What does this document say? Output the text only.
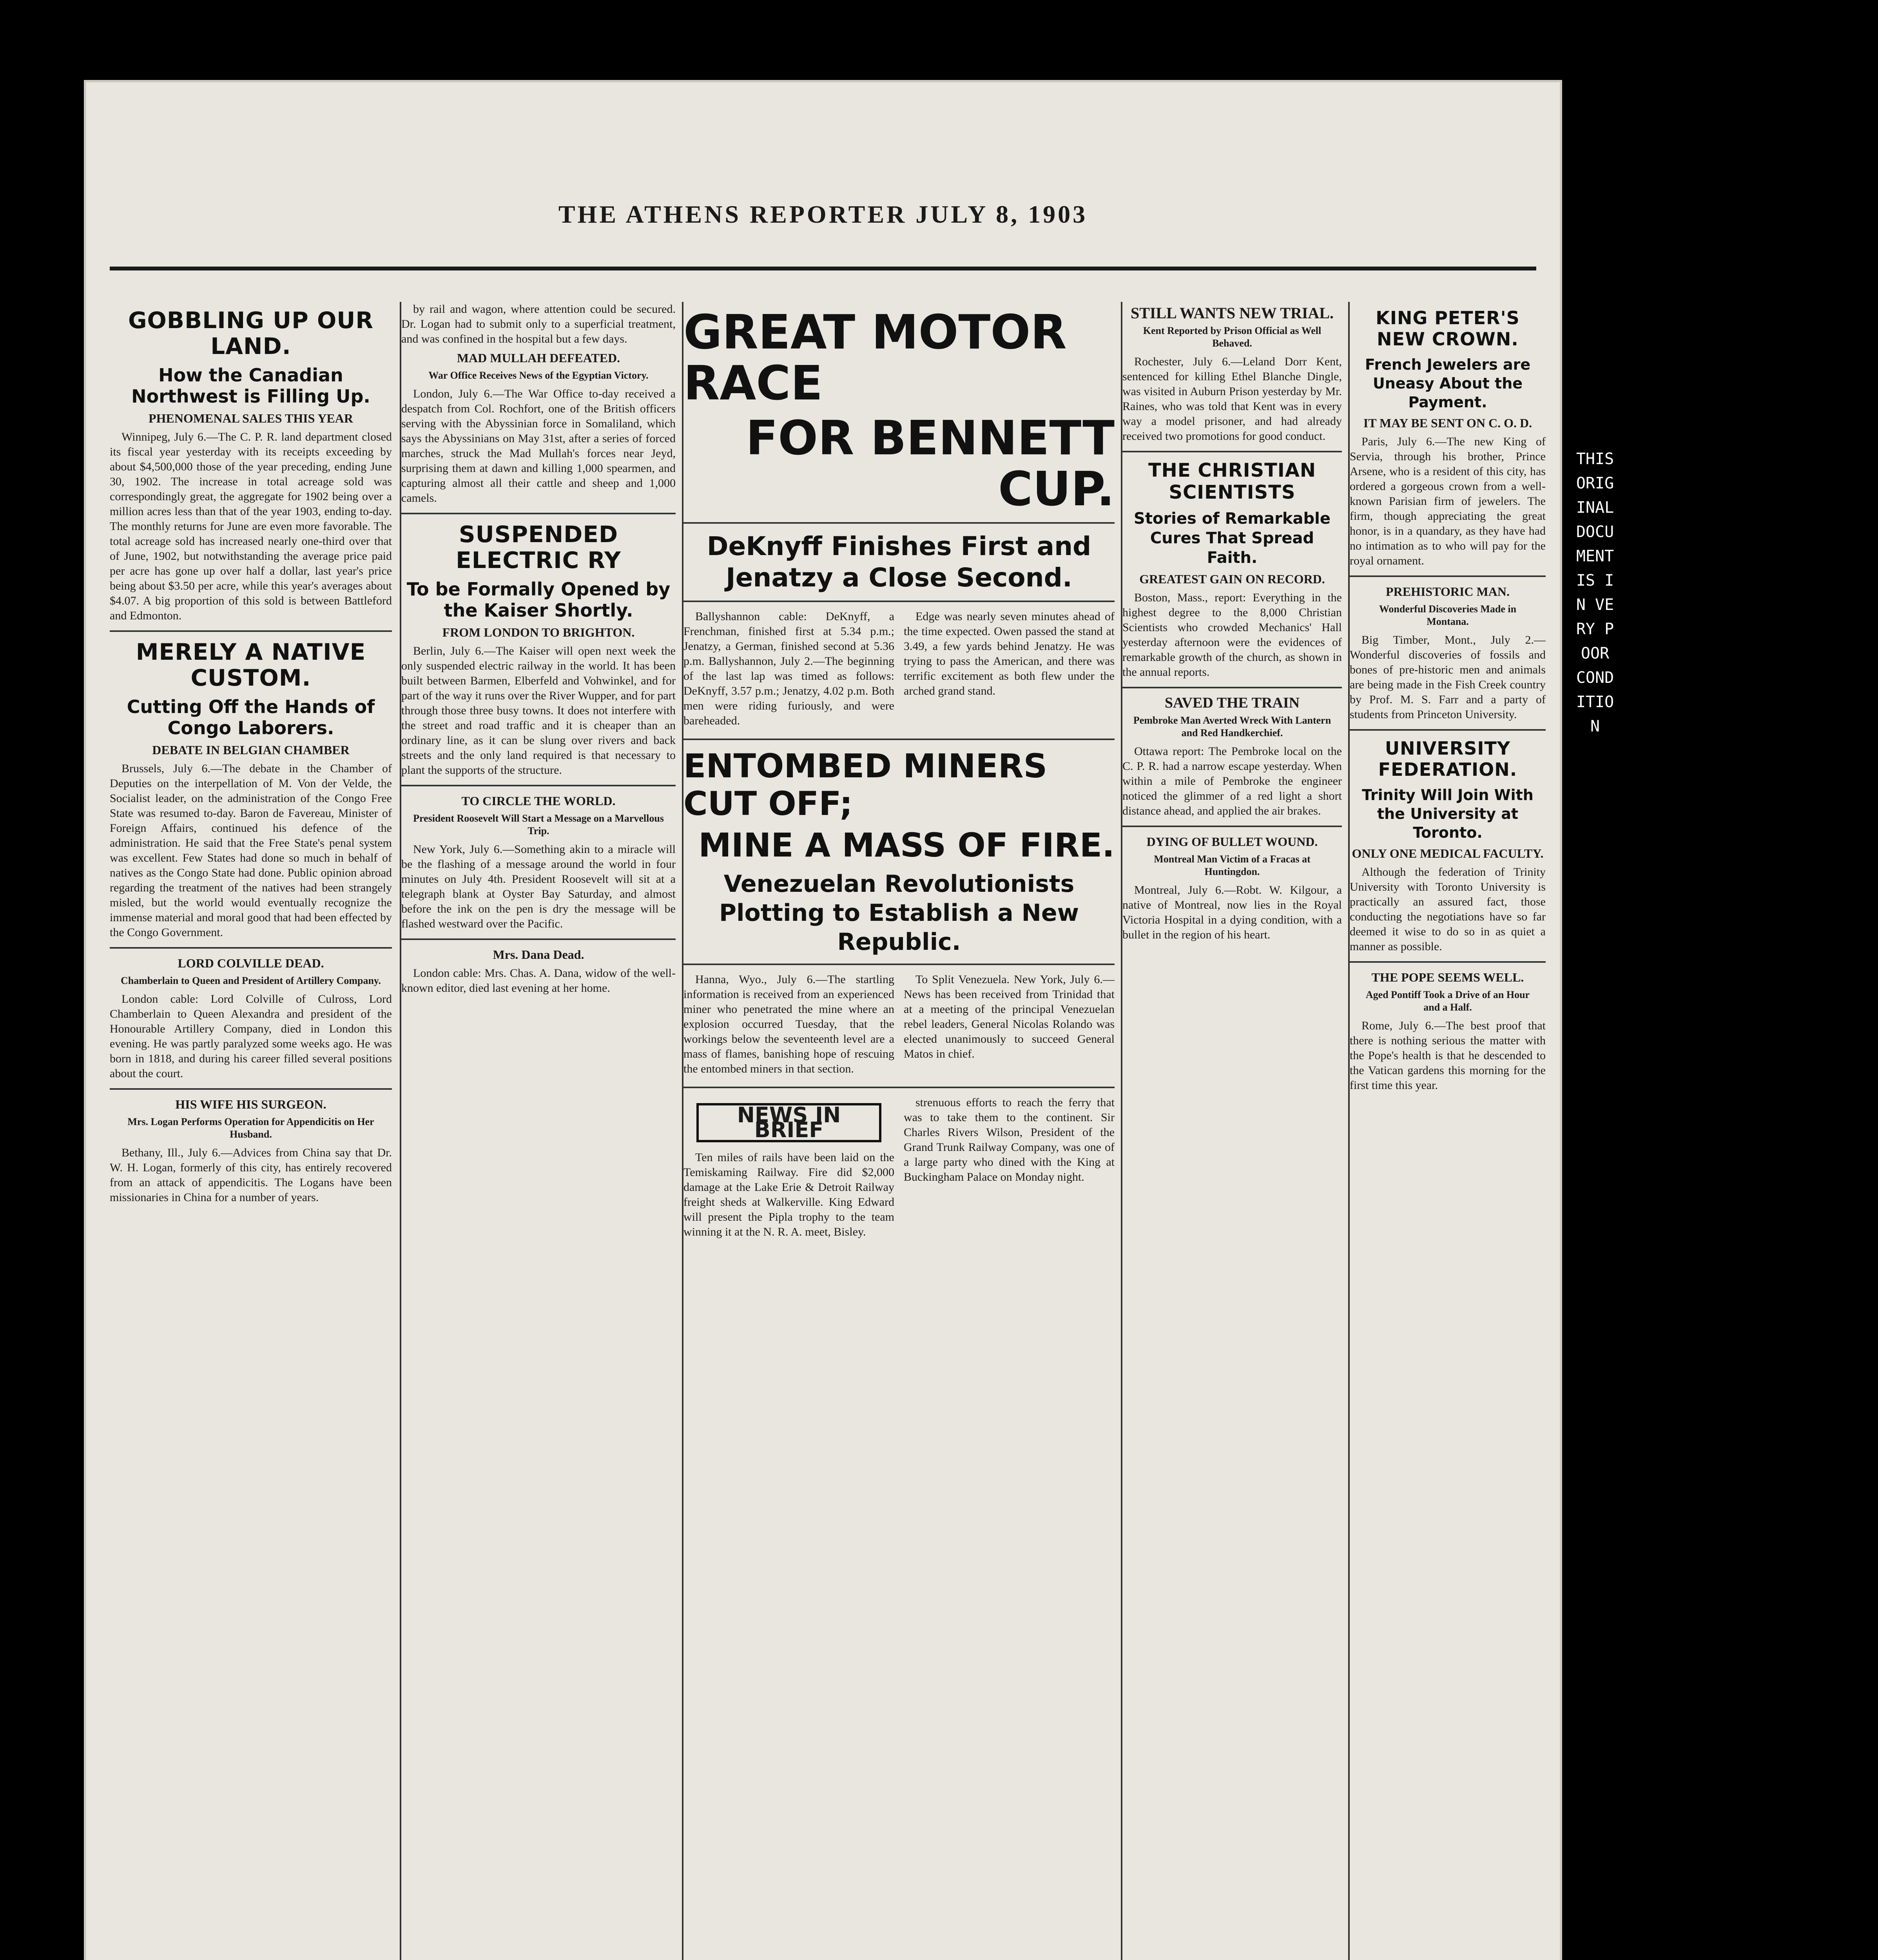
THE ATHENS REPORTER JULY 8, 1903
GOBBLING UP OUR LAND.
How the Canadian Northwest is Filling Up.
PHENOMENAL SALES THIS YEAR

Winnipeg, July 6.—The C. P. R. land department closed its fiscal year yesterday with its receipts exceeding by about $4,500,000 those of the year preceding, ending June 30, 1902. The increase in total acreage sold was correspondingly great, the aggregate for 1902 being over a million acres less than that of the year 1903, ending to-day. The monthly returns for June are even more favorable. The total acreage sold has increased nearly one-third over that of June, 1902, but notwithstanding the average price paid per acre has gone up over half a dollar, last year's price being about $3.50 per acre, while this year's averages about $4.07. A big proportion of this sold is between Battleford and Edmonton.

MERELY A NATIVE CUSTOM.
Cutting Off the Hands of Congo Laborers.
DEBATE IN BELGIAN CHAMBER

Brussels, July 6.—The debate in the Chamber of Deputies on the interpellation of M. Von der Velde, the Socialist leader, on the administration of the Congo Free State was resumed to-day. Baron de Favereau, Minister of Foreign Affairs, continued his defence of the administration. He said that the Free State's penal system was excellent. Few States had done so much in behalf of natives as the Congo State had done. Public opinion abroad regarding the treatment of the natives had been strangely misled, but the world would eventually recognize the immense material and moral good that had been effected by the Congo Government.

LORD COLVILLE DEAD.
Chamberlain to Queen and President of Artillery Company.

London cable: Lord Colville of Culross, Lord Chamberlain to Queen Alexandra and president of the Honourable Artillery Company, died in London this evening. He was partly paralyzed some weeks ago. He was born in 1818, and during his career filled several positions about the court.

HIS WIFE HIS SURGEON.
Mrs. Logan Performs Operation for Appendicitis on Her Husband.

Bethany, Ill., July 6.—Advices from China say that Dr. W. H. Logan, formerly of this city, has entirely recovered from an attack of appendicitis. The Logans have been missionaries in China for a number of years.

by rail and wagon, where attention could be secured. Dr. Logan had to submit only to a superficial treatment, and was confined in the hospital but a few days.

MAD MULLAH DEFEATED.
War Office Receives News of the Egyptian Victory.

London, July 6.—The War Office to-day received a despatch from Col. Rochfort, one of the British officers serving with the Abyssinian force in Somaliland, which says the Abyssinians on May 31st, after a series of forced marches, struck the Mad Mullah's forces near Jeyd, surprising them at dawn and killing 1,000 spearmen, and capturing almost all their cattle and sheep and 1,000 camels.

SUSPENDED ELECTRIC RY
To be Formally Opened by the Kaiser Shortly.
FROM LONDON TO BRIGHTON.

Berlin, July 6.—The Kaiser will open next week the only suspended electric railway in the world. It has been built between Barmen, Elberfeld and Vohwinkel, and for part of the way it runs over the River Wupper, and for part through those three busy towns. It does not interfere with the street and road traffic and it is cheaper than an ordinary line, as it can be slung over rivers and back streets and the only land required is that necessary to plant the supports of the structure.

TO CIRCLE THE WORLD.
President Roosevelt Will Start a Message on a Marvellous Trip.

New York, July 6.—Something akin to a miracle will be the flashing of a message around the world in four minutes on July 4th. President Roosevelt will sit at a telegraph blank at Oyster Bay Saturday, and almost before the ink on the pen is dry the message will be flashed westward over the Pacific.

Mrs. Dana Dead.

London cable: Mrs. Chas. A. Dana, widow of the well-known editor, died last evening at her home.

GREAT MOTOR RACE
FOR BENNETT CUP.
DeKnyff Finishes First and Jenatzy a Close Second.

Ballyshannon cable: DeKnyff, a Frenchman, finished first at 5.34 p.m.; Jenatzy, a German, finished second at 5.36 p.m. Ballyshannon, July 2.—The beginning of the last lap was timed as follows: DeKnyff, 3.57 p.m.; Jenatzy, 4.02 p.m. Both men were riding furiously, and were bareheaded.

Edge was nearly seven minutes ahead of the time expected. Owen passed the stand at 3.49, a few yards behind Jenatzy. He was trying to pass the American, and there was terrific excitement as both flew under the arched grand stand.

ENTOMBED MINERS CUT OFF;
MINE A MASS OF FIRE.
Venezuelan Revolutionists Plotting to Establish a New Republic.

Hanna, Wyo., July 6.—The startling information is received from an experienced miner who penetrated the mine where an explosion occurred Tuesday, that the workings below the seventeenth level are a mass of flames, banishing hope of rescuing the entombed miners in that section.

To Split Venezuela. New York, July 6.—News has been received from Trinidad that at a meeting of the principal Venezuelan rebel leaders, General Nicolas Rolando was elected unanimously to succeed General Matos in chief.

NEWS IN BRIEF

Ten miles of rails have been laid on the Temiskaming Railway. Fire did $2,000 damage at the Lake Erie & Detroit Railway freight sheds at Walkerville. King Edward will present the Pipla trophy to the team winning it at the N. R. A. meet, Bisley.

strenuous efforts to reach the ferry that was to take them to the continent. Sir Charles Rivers Wilson, President of the Grand Trunk Railway Company, was one of a large party who dined with the King at Buckingham Palace on Monday night.

STILL WANTS NEW TRIAL.
Kent Reported by Prison Official as Well Behaved.

Rochester, July 6.—Leland Dorr Kent, sentenced for killing Ethel Blanche Dingle, was visited in Auburn Prison yesterday by Mr. Raines, who was told that Kent was in every way a model prisoner, and had already received two promotions for good conduct.

THE CHRISTIAN SCIENTISTS
Stories of Remarkable Cures That Spread Faith.
GREATEST GAIN ON RECORD.

Boston, Mass., report: Everything in the highest degree to the 8,000 Christian Scientists who crowded Mechanics' Hall yesterday afternoon were the evidences of remarkable growth of the church, as shown in the annual reports.

SAVED THE TRAIN
Pembroke Man Averted Wreck With Lantern and Red Handkerchief.

Ottawa report: The Pembroke local on the C. P. R. had a narrow escape yesterday. When within a mile of Pembroke the engineer noticed the glimmer of a red light a short distance ahead, and applied the air brakes.

DYING OF BULLET WOUND.
Montreal Man Victim of a Fracas at Huntingdon.

Montreal, July 6.—Robt. W. Kilgour, a native of Montreal, now lies in the Royal Victoria Hospital in a dying condition, with a bullet in the region of his heart.

KING PETER'S NEW CROWN.
French Jewelers are Uneasy About the Payment.
IT MAY BE SENT ON C. O. D.

Paris, July 6.—The new King of Servia, through his brother, Prince Arsene, who is a resident of this city, has ordered a gorgeous crown from a well-known Parisian firm of jewelers. The firm, though appreciating the great honor, is in a quandary, as they have had no intimation as to who will pay for the royal ornament.

PREHISTORIC MAN.
Wonderful Discoveries Made in Montana.

Big Timber, Mont., July 2.—Wonderful discoveries of fossils and bones of pre-historic men and animals are being made in the Fish Creek country by Prof. M. S. Farr and a party of students from Princeton University.

UNIVERSITY FEDERATION.
Trinity Will Join With the University at Toronto.
ONLY ONE MEDICAL FACULTY.

Although the federation of Trinity University with Toronto University is practically an assured fact, those conducting the negotiations have so far deemed it wise to do so in as quiet a manner as possible.

THE POPE SEEMS WELL.
Aged Pontiff Took a Drive of an Hour and a Half.

Rome, July 6.—The best proof that there is nothing serious the matter with the Pope's health is that he descended to the Vatican gardens this morning for the first time this year.

THIS ORIGINAL DOCUMENT IS IN VERY POOR CONDITION
